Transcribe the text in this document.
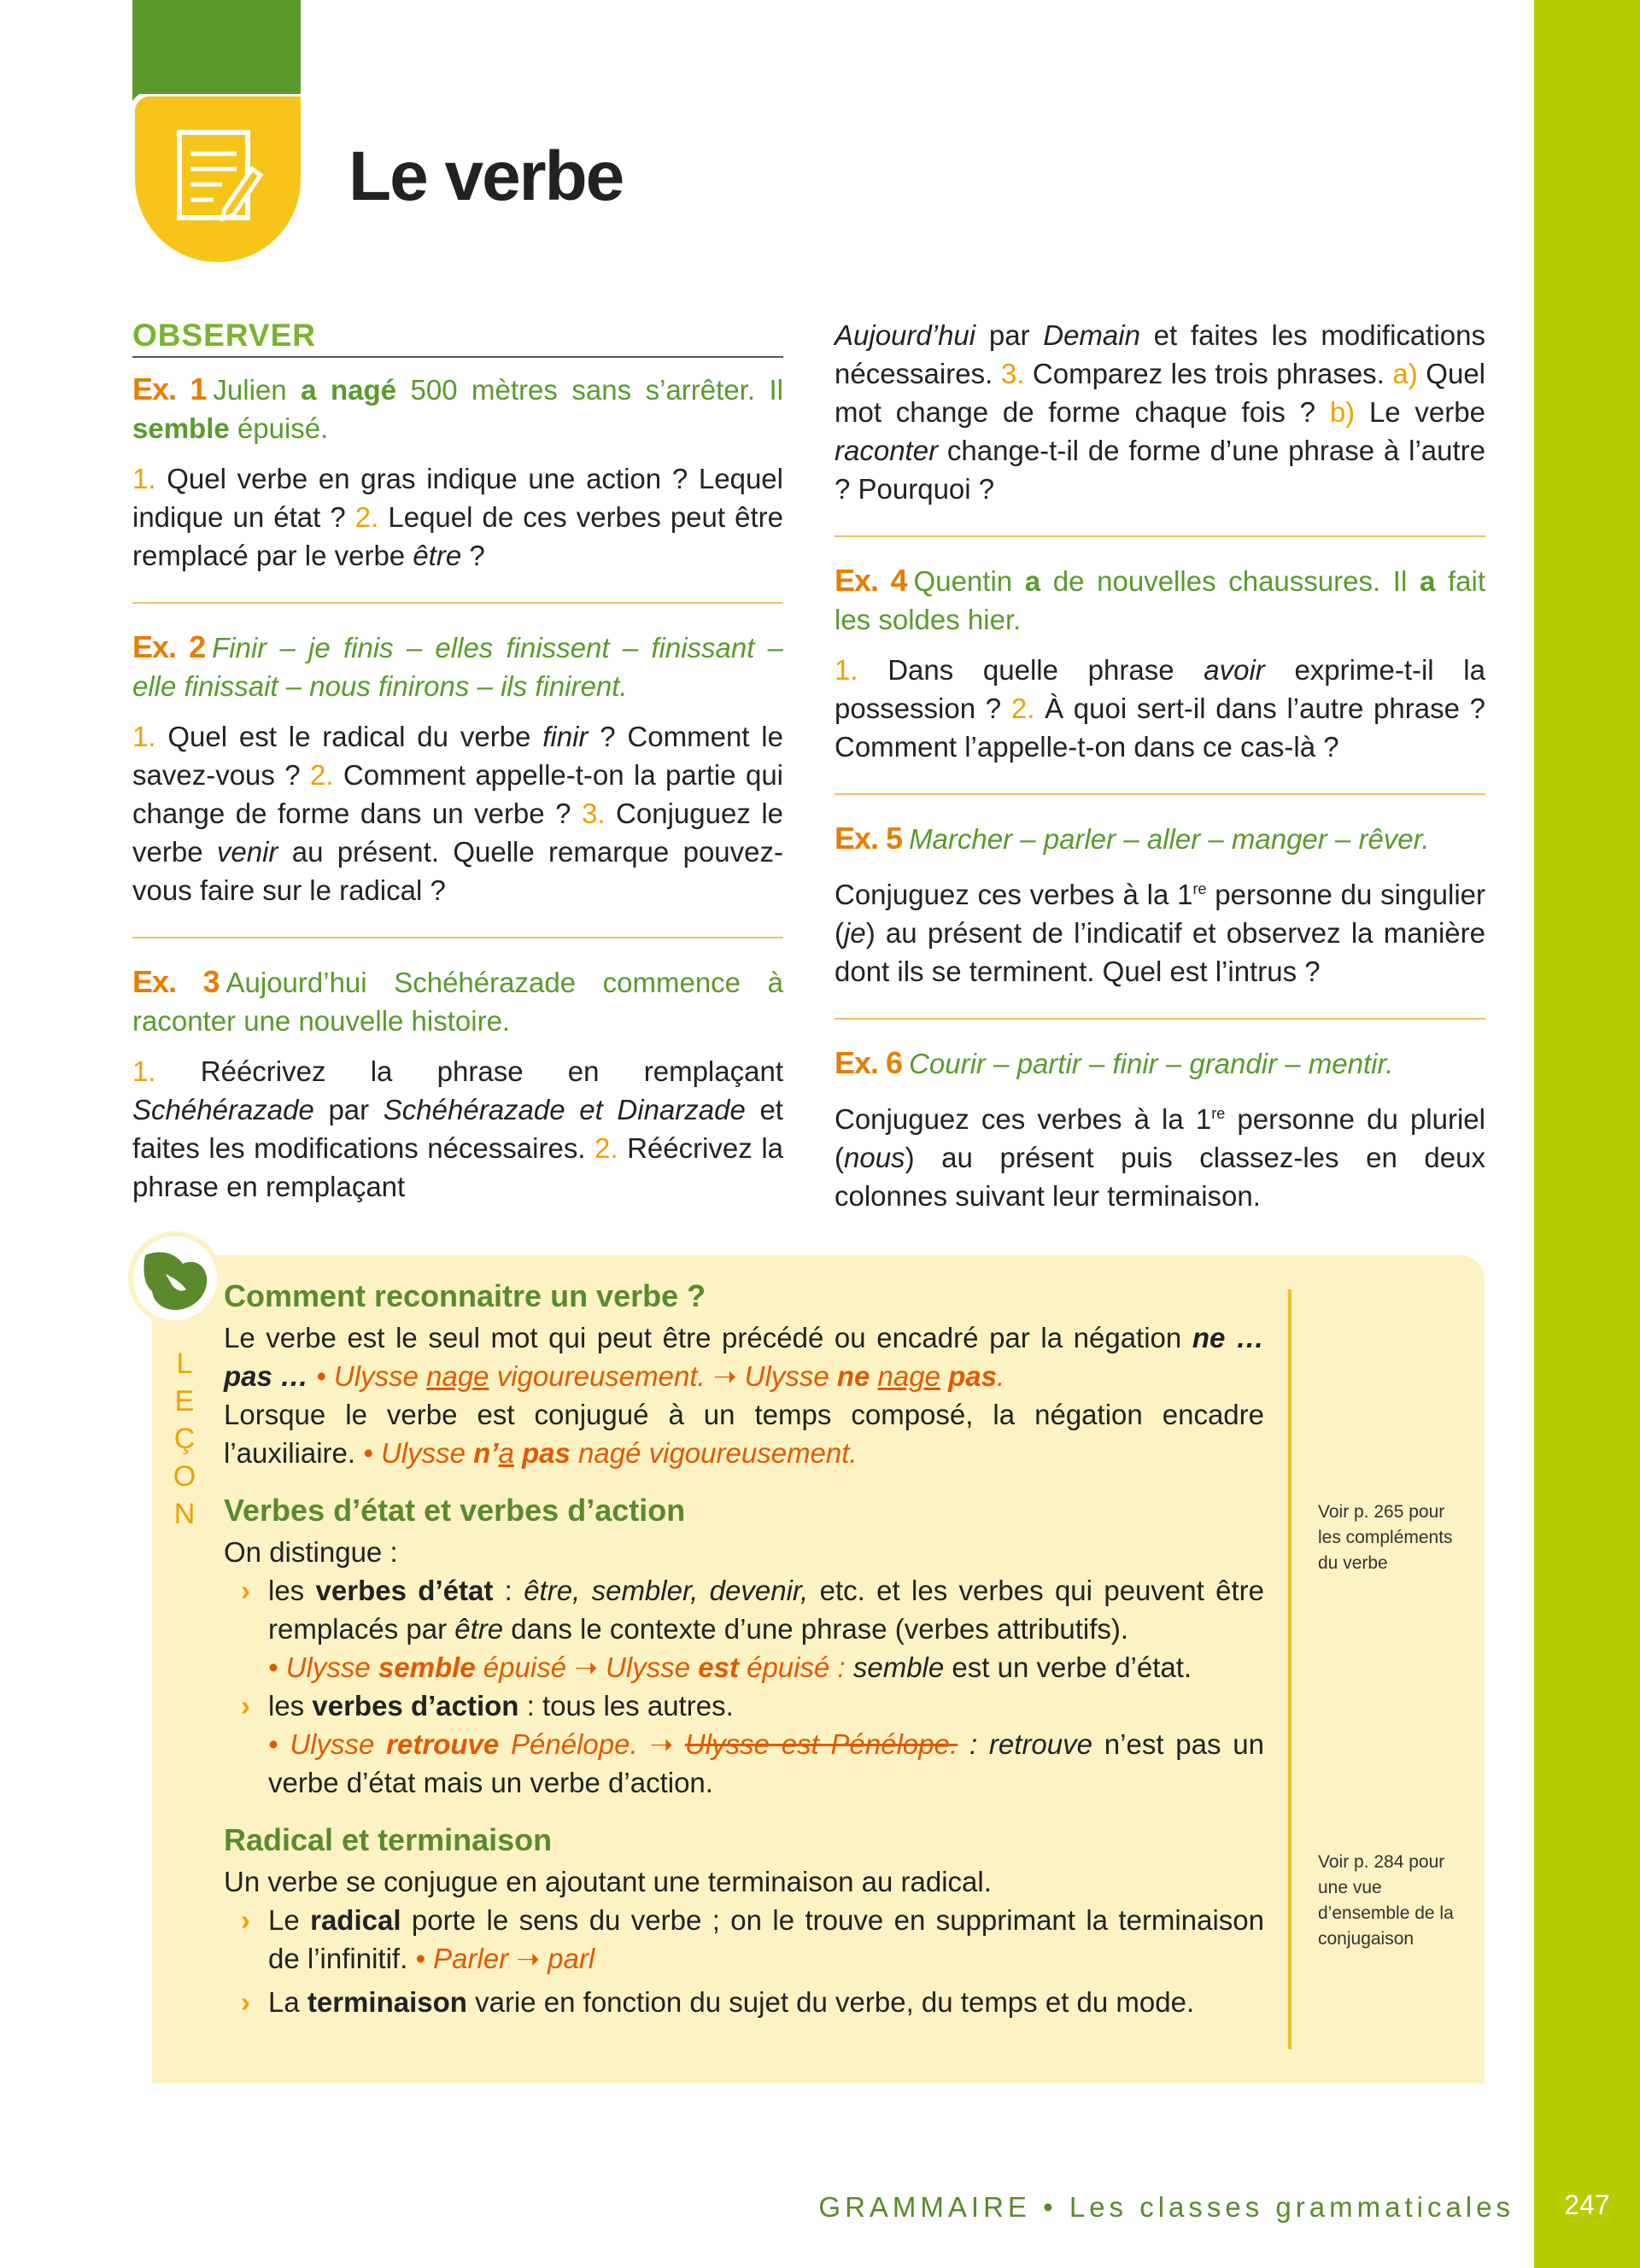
Le verbe
OBSERVER

Ex. 1 Julien a nagé 500 mètres sans s’arrêter. Il semble épuisé.

1. Quel verbe en gras indique une action ? Lequel indique un état ? 2. Lequel de ces verbes peut être remplacé par le verbe être ?

Ex. 2 Finir – je finis – elles finissent – finissant – elle finissait – nous finirons – ils finirent.

1. Quel est le radical du verbe finir ? Comment le savez-vous ? 2. Comment appelle-t-on la partie qui change de forme dans un verbe ? 3. Conjuguez le verbe venir au présent. Quelle remarque pouvez-vous faire sur le radical ?

Ex. 3 Aujourd’hui Schéhérazade commence à raconter une nouvelle histoire.

1. Réécrivez la phrase en remplaçant Schéhérazade par Schéhérazade et Dinarzade et faites les modifications nécessaires. 2. Réécrivez la phrase en remplaçant

Aujourd’hui par Demain et faites les modifications nécessaires. 3. Comparez les trois phrases. a) Quel mot change de forme chaque fois ? b) Le verbe raconter change-t-il de forme d’une phrase à l’autre ? Pourquoi ?

Ex. 4 Quentin a de nouvelles chaussures. Il a fait les soldes hier.

1. Dans quelle phrase avoir exprime-t-il la possession ? 2. À quoi sert-il dans l’autre phrase ? Comment l’appelle-t-on dans ce cas-là ?

Ex. 5 Marcher – parler – aller – manger – rêver.

Conjuguez ces verbes à la 1re personne du singulier (je) au présent de l’indicatif et observez la manière dont ils se terminent. Quel est l’intrus ?

Ex. 6 Courir – partir – finir – grandir – mentir.

Conjuguez ces verbes à la 1re personne du pluriel (nous) au présent puis classez-les en deux colonnes suivant leur terminaison.

L
E
Ç
O
N
Comment reconnaitre un verbe ?

Le verbe est le seul mot qui peut être précédé ou encadré par la négation ne … pas … • Ulysse nage vigoureusement. ➝ Ulysse ne nage pas.

Lorsque le verbe est conjugué à un temps composé, la négation encadre l’auxiliaire. • Ulysse n’a pas nagé vigoureusement.

Verbes d’état et verbes d’action

On distingue :

› les verbes d’état : être, sembler, devenir, etc. et les verbes qui peuvent être remplacés par être dans le contexte d’une phrase (verbes attributifs).

• Ulysse semble épuisé ➝ Ulysse est épuisé : semble est un verbe d’état.

› les verbes d’action : tous les autres.

• Ulysse retrouve Pénélope. ➝ Ulysse est Pénélope. : retrouve n’est pas un verbe d’état mais un verbe d’action.

Radical et terminaison

Un verbe se conjugue en ajoutant une terminaison au radical.

› Le radical porte le sens du verbe ; on le trouve en supprimant la terminaison de l’infinitif. • Parler ➝ parl

› La terminaison varie en fonction du sujet du verbe, du temps et du mode.

Voir p. 265 pour les compléments du verbe
Voir p. 284 pour une vue d’ensemble de la conjugaison
GRAMMAIRE • Les classes grammaticales	247
